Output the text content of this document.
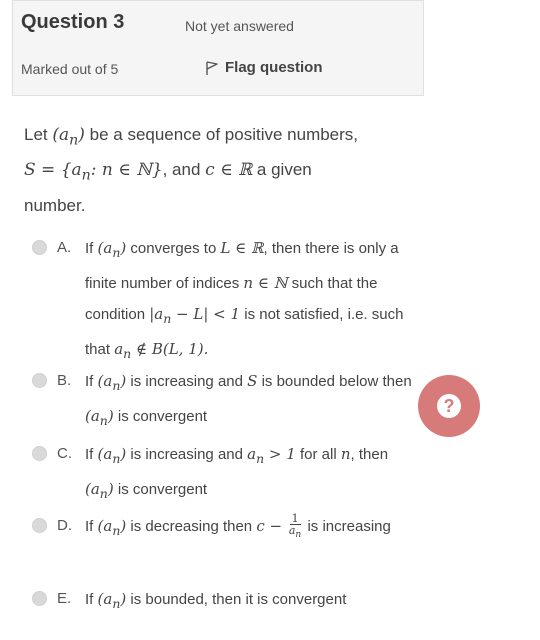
Question 3	Not yet answered
Marked out of 5	Flag question

Let $(a_n)$ be a sequence of positive numbers,

$S = \{a_n$: n ∈ ℕ}, and c ∈ ℝ a given

number.

A. If $(a_n)$ converges to L ∈ ℝ, then there is only a finite number of indices n ∈ ℕ such that the condition $|a_n - L| < 1$ is not satisfied, i.e. such that $a_n$ ∉ B(L, 1).
B. If $(a_n)$ is increasing and S is bounded below then $(a_n)$ is convergent
C. If $(a_n)$ is increasing and $a_n > 1$ for all n, then $(a_n)$ is convergent
D. If $(a_n)$ is decreasing then $c - \frac{1}{a_n}$ is increasing
E. If $(a_n)$ is bounded, then it is convergent
?
